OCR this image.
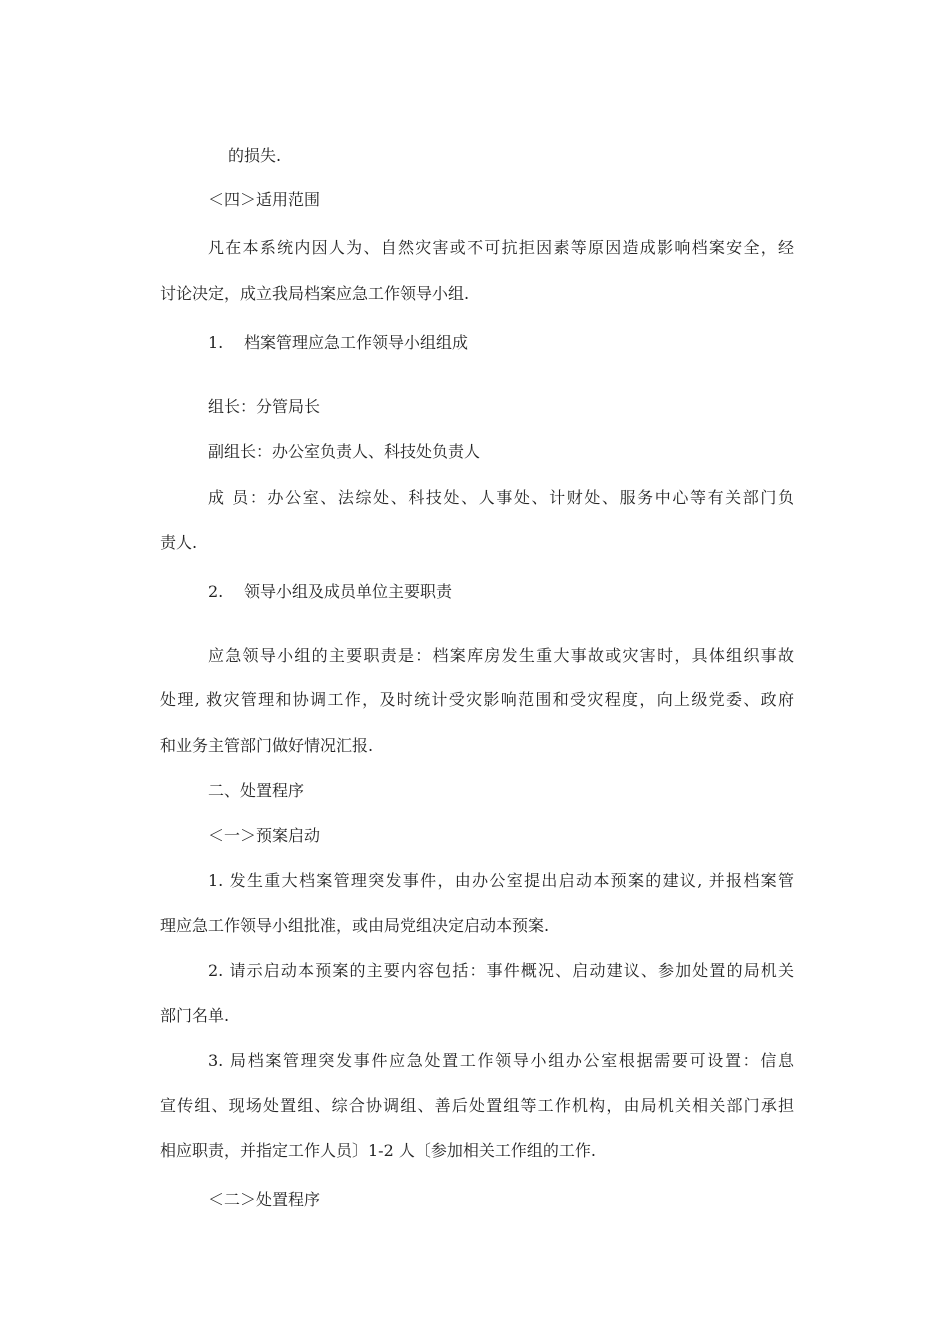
的损失.
＜四＞适用范围
凡在本系统内因人为、自然灾害或不可抗拒因素等原因造成影响档案安全，经
讨论决定，成立我局档案应急工作领导小组.
1. 档案管理应急工作领导小组组成
组长：分管局长
副组长：办公室负责人、科技处负责人
成 员：办公室、法综处、科技处、人事处、计财处、服务中心等有关部门负
责人.
2. 领导小组及成员单位主要职责
应急领导小组的主要职责是：档案库房发生重大事故或灾害时，具体组织事故
处理, 救灾管理和协调工作，及时统计受灾影响范围和受灾程度，向上级党委、政府
和业务主管部门做好情况汇报.
二、处置程序
＜一＞预案启动
1. 发生重大档案管理突发事件，由办公室提出启动本预案的建议, 并报档案管
理应急工作领导小组批准，或由局党组决定启动本预案.
2. 请示启动本预案的主要内容包括：事件概况、启动建议、参加处置的局机关
部门名单.
3. 局档案管理突发事件应急处置工作领导小组办公室根据需要可设置：信息
宣传组、现场处置组、综合协调组、善后处置组等工作机构，由局机关相关部门承担
相应职责，并指定工作人员〕1-2 人〔参加相关工作组的工作.
＜二＞处置程序
